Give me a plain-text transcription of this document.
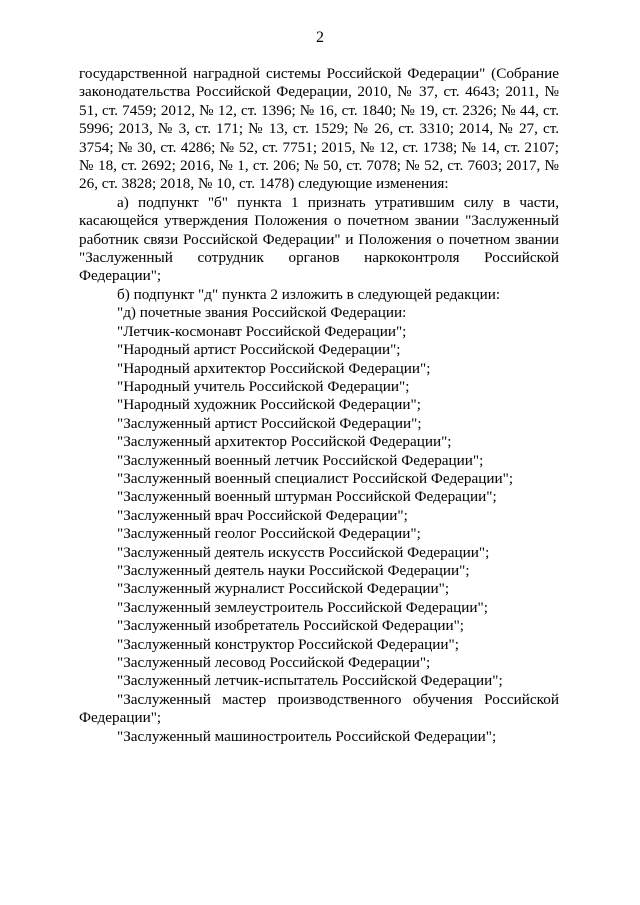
2

государственной наградной системы Российской Федерации" (Собрание законодательства Российской Федерации, 2010, № 37, ст. 4643; 2011, № 51, ст. 7459; 2012, № 12, ст. 1396; № 16, ст. 1840; № 19, ст. 2326; № 44, ст. 5996; 2013, № 3, ст. 171; № 13, ст. 1529; № 26, ст. 3310; 2014, № 27, ст. 3754; № 30, ст. 4286; № 52, ст. 7751; 2015, № 12, ст. 1738; № 14, ст. 2107; № 18, ст. 2692; 2016, № 1, ст. 206; № 50, ст. 7078; № 52, ст. 7603; 2017, № 26, ст. 3828; 2018, № 10, ст. 1478) следующие изменения:

а) подпункт "б" пункта 1 признать утратившим силу в части, касающейся утверждения Положения о почетном звании "Заслуженный работник связи Российской Федерации" и Положения о почетном звании "Заслуженный сотрудник органов наркоконтроля Российской Федерации";

б) подпункт "д" пункта 2 изложить в следующей редакции:

"д) почетные звания Российской Федерации:

"Летчик-космонавт Российской Федерации";

"Народный артист Российской Федерации";

"Народный архитектор Российской Федерации";

"Народный учитель Российской Федерации";

"Народный художник Российской Федерации";

"Заслуженный артист Российской Федерации";

"Заслуженный архитектор Российской Федерации";

"Заслуженный военный летчик Российской Федерации";

"Заслуженный военный специалист Российской Федерации";

"Заслуженный военный штурман Российской Федерации";

"Заслуженный врач Российской Федерации";

"Заслуженный геолог Российской Федерации";

"Заслуженный деятель искусств Российской Федерации";

"Заслуженный деятель науки Российской Федерации";

"Заслуженный журналист Российской Федерации";

"Заслуженный землеустроитель Российской Федерации";

"Заслуженный изобретатель Российской Федерации";

"Заслуженный конструктор Российской Федерации";

"Заслуженный лесовод Российской Федерации";

"Заслуженный летчик-испытатель Российской Федерации";

"Заслуженный мастер производственного обучения Российской Федерации";

"Заслуженный машиностроитель Российской Федерации";
